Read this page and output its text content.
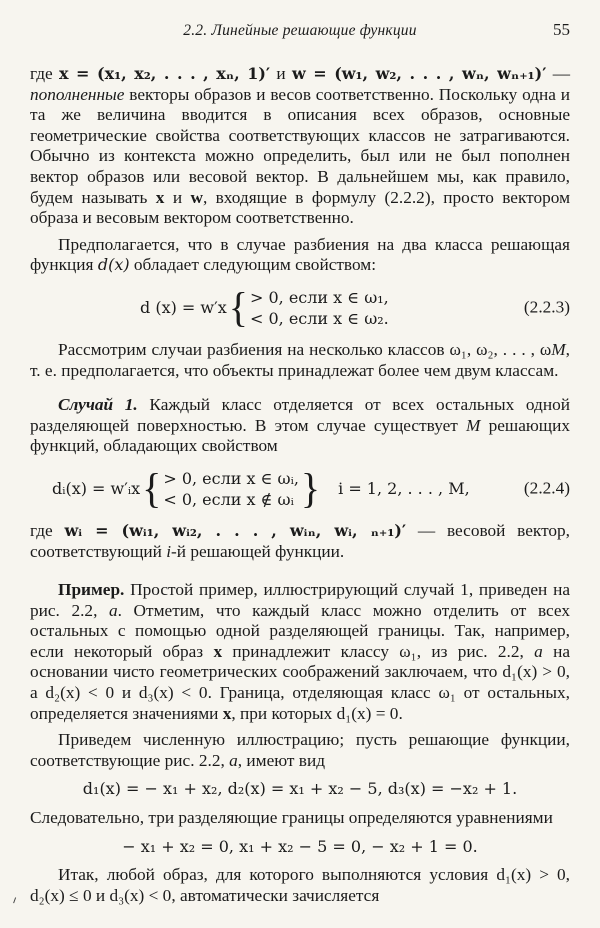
2.2. Линейные решающие функции	55

где x = (x₁, x₂, . . . , xₙ, 1)′ и w = (w₁, w₂, . . . , wₙ, wₙ₊₁)′ — пополненные векторы образов и весов соответственно. Поскольку одна и та же величина вводится в описания всех образов, основные геометрические свойства соответствующих классов не затрагиваются. Обычно из контекста можно определить, был или не был пополнен вектор образов или весовой вектор. В дальнейшем мы, как правило, будем называть x и w, входящие в формулу (2.2.2), просто вектором образа и весовым вектором соответственно.

Предполагается, что в случае разбиения на два класса решающая функция d(x) обладает следующим свойством:

d (x) = w′x { > 0, если x ∈ ω₁,
< 0, если x ∈ ω₂.
(2.2.3)

Рассмотрим случаи разбиения на несколько классов ω₁, ω₂, . . . , ωM, т. е. предполагается, что объекты принадлежат более чем двум классам.

Случай 1. Каждый класс отделяется от всех остальных одной разделяющей поверхностью. В этом случае существует M решающих функций, обладающих свойством

dᵢ(x) = w′ᵢx { > 0, если x ∈ ωᵢ,
< 0, если x ∉ ωᵢ } i = 1, 2, . . . , M,	(2.2.4)

где wᵢ = (wᵢ₁, wᵢ₂, . . . , wᵢₙ, wᵢ, ₙ₊₁)′ — весовой вектор, соответствующий i-й решающей функции.

Пример. Простой пример, иллюстрирующий случай 1, приведен на рис. 2.2, а. Отметим, что каждый класс можно отделить от всех остальных с помощью одной разделяющей границы. Так, например, если некоторый образ x принадлежит классу ω₁, из рис. 2.2, а на основании чисто геометрических соображений заключаем, что d₁(x) > 0, а d₂(x) < 0 и d₃(x) < 0. Граница, отделяющая класс ω₁ от остальных, определяется значениями x, при которых d₁(x) = 0.

Приведем численную иллюстрацию; пусть решающие функции, соответствующие рис. 2.2, а, имеют вид

d₁(x) = − x₁ + x₂, d₂(x) = x₁ + x₂ − 5, d₃(x) = −x₂ + 1.

Следовательно, три разделяющие границы определяются уравнениями

− x₁ + x₂ = 0, x₁ + x₂ − 5 = 0, − x₂ + 1 = 0.

Итак, любой образ, для которого выполняются условия d₁(x) > 0, d₂(x) ≤ 0 и d₃(x) < 0, автоматически зачисляется
